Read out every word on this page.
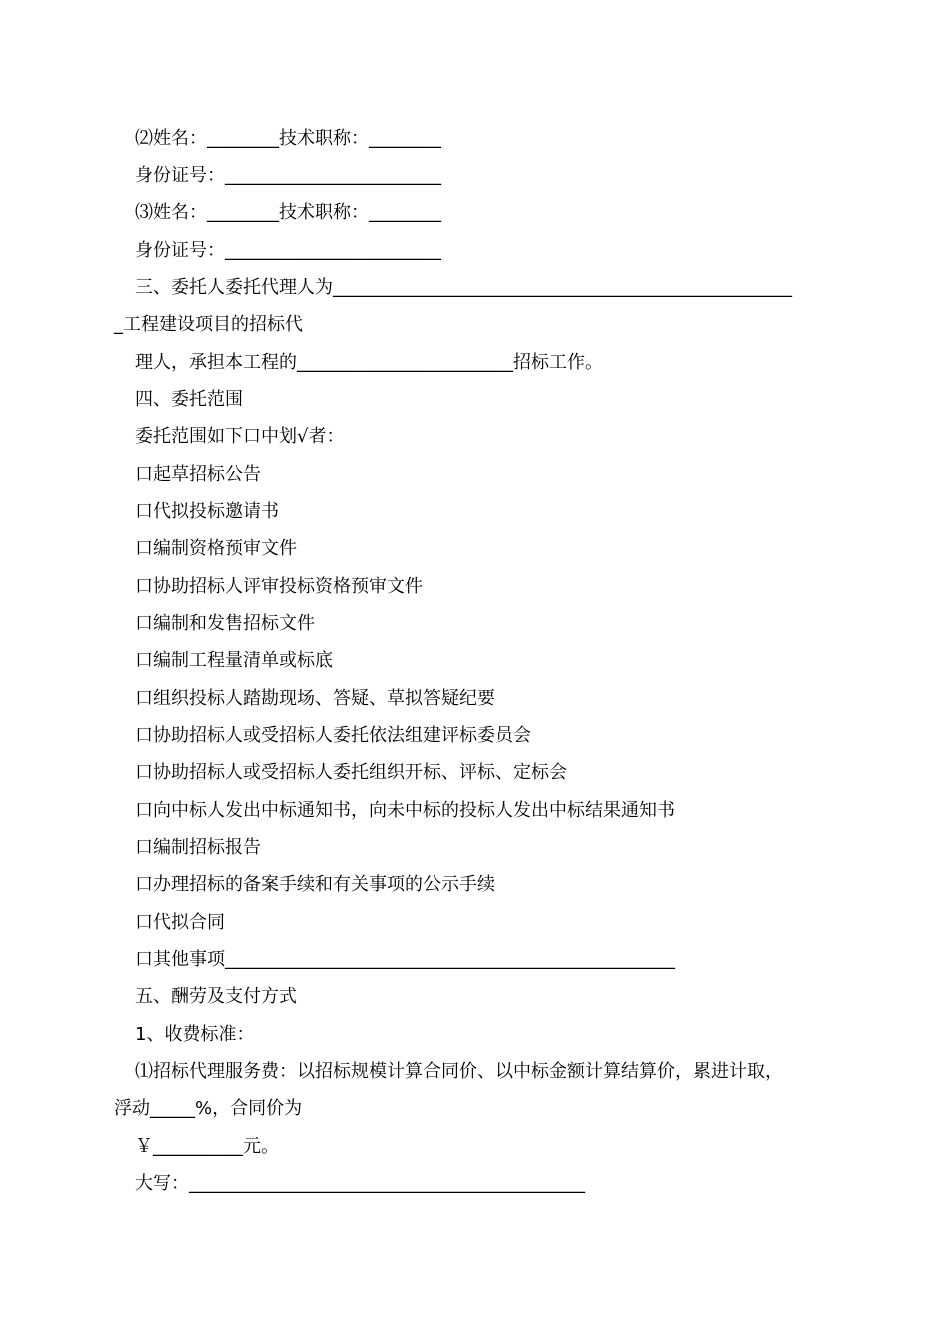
⑵姓名：________技术职称：________
身份证号：________________________
⑶姓名：________技术职称：________
身份证号：________________________
三、委托人委托代理人为___________________________________________________
_工程建设项目的招标代
理人，承担本工程的________________________招标工作。
四、委托范围
委托范围如下口中划√者：
口起草招标公告
口代拟投标邀请书
口编制资格预审文件
口协助招标人评审投标资格预审文件
口编制和发售招标文件
口编制工程量清单或标底
口组织投标人踏勘现场、答疑、草拟答疑纪要
口协助招标人或受招标人委托依法组建评标委员会
口协助招标人或受招标人委托组织开标、评标、定标会
口向中标人发出中标通知书，向未中标的投标人发出中标结果通知书
口编制招标报告
口办理招标的备案手续和有关事项的公示手续
口代拟合同
口其他事项__________________________________________________
五、酬劳及支付方式
1、收费标准：
⑴招标代理服务费：以招标规模计算合同价、以中标金额计算结算价，累进计取，
浮动_____%，合同价为
￥__________元。
大写：____________________________________________
